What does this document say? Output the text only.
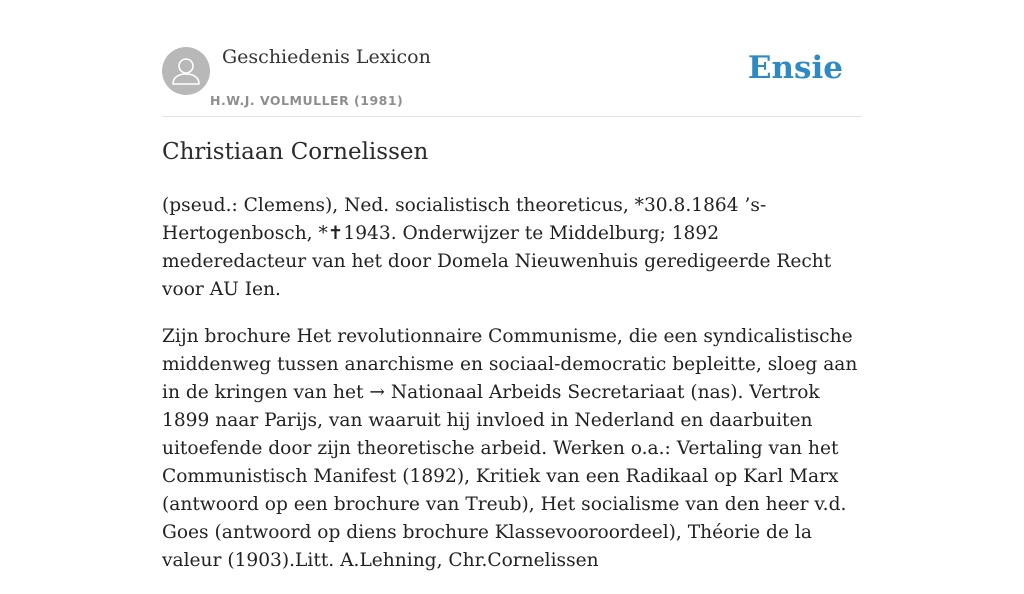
Geschiedenis Lexicon
H.W.J. VOLMULLER (1981)
Ensie
Christiaan Cornelissen

(pseud.: Clemens), Ned. socialistisch theoreticus, *30.8.1864 ’s-Hertogenbosch, *✝1943. Onderwijzer te Middelburg; 1892 mederedacteur van het door Domela Nieuwenhuis geredigeerde Recht voor AU Ien.

Zijn brochure Het revolutionnaire Communisme, die een syndicalistische middenweg tussen anarchisme en sociaal-democratic bepleitte, sloeg aan in de kringen van het → Nationaal Arbeids Secretariaat (nas). Vertrok 1899 naar Parijs, van waaruit hij invloed in Nederland en daarbuiten uitoefende door zijn theoretische arbeid. Werken o.a.: Vertaling van het Communistisch Manifest (1892), Kritiek van een Radikaal op Karl Marx (antwoord op een brochure van Treub), Het socialisme van den heer v.d. Goes (antwoord op diens brochure Klassevooroordeel), Théorie de la valeur (1903).Litt. A.Lehning, Chr.Cornelissen
